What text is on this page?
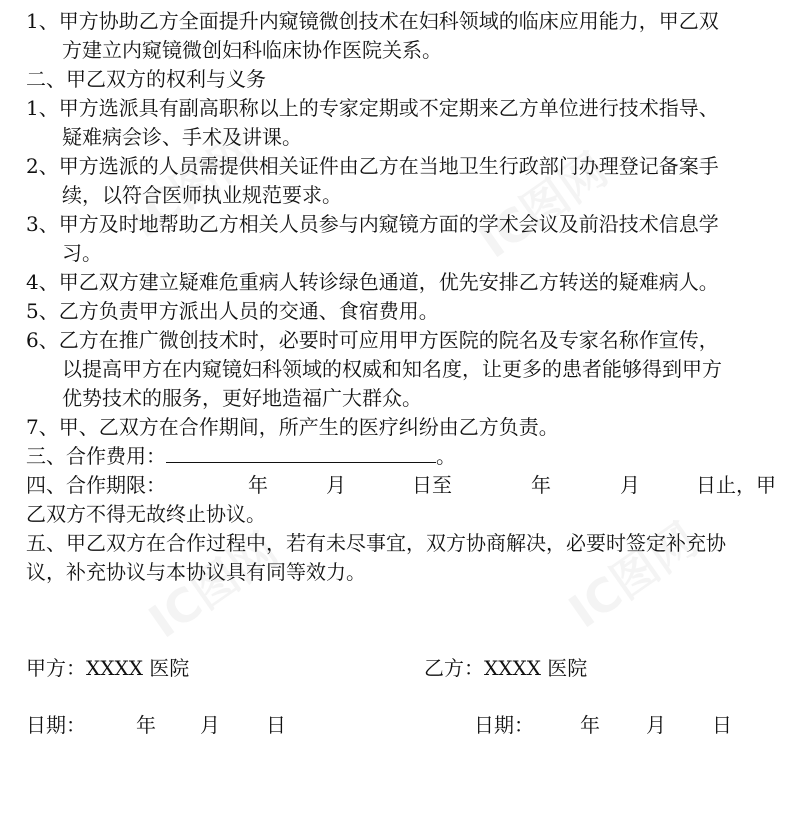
1、甲方协助乙方全面提升内窥镜微创技术在妇科领域的临床应用能力，甲乙双
方建立内窥镜微创妇科临床协作医院关系。
二、甲乙双方的权利与义务
1、甲方选派具有副高职称以上的专家定期或不定期来乙方单位进行技术指导、
疑难病会诊、手术及讲课。
2、甲方选派的人员需提供相关证件由乙方在当地卫生行政部门办理登记备案手
续，以符合医师执业规范要求。
3、甲方及时地帮助乙方相关人员参与内窥镜方面的学术会议及前沿技术信息学
习。
4、甲乙双方建立疑难危重病人转诊绿色通道，优先安排乙方转送的疑难病人。
5、乙方负责甲方派出人员的交通、食宿费用。
6、乙方在推广微创技术时，必要时可应用甲方医院的院名及专家名称作宣传，
以提高甲方在内窥镜妇科领域的权威和知名度，让更多的患者能够得到甲方
优势技术的服务，更好地造福广大群众。
7、甲、乙双方在合作期间，所产生的医疗纠纷由乙方负责。
三、合作费用：	。
四、合作期限：	年	月	日至	年	月	日止，甲
乙双方不得无故终止协议。
五、甲乙双方在合作过程中，若有未尽事宜，双方协商解决，必要时签定补充协
议，补充协议与本协议具有同等效力。
甲方：XXXX 医院	乙方：XXXX 医院
日期：	年 月 日	日期： 年 月 日
